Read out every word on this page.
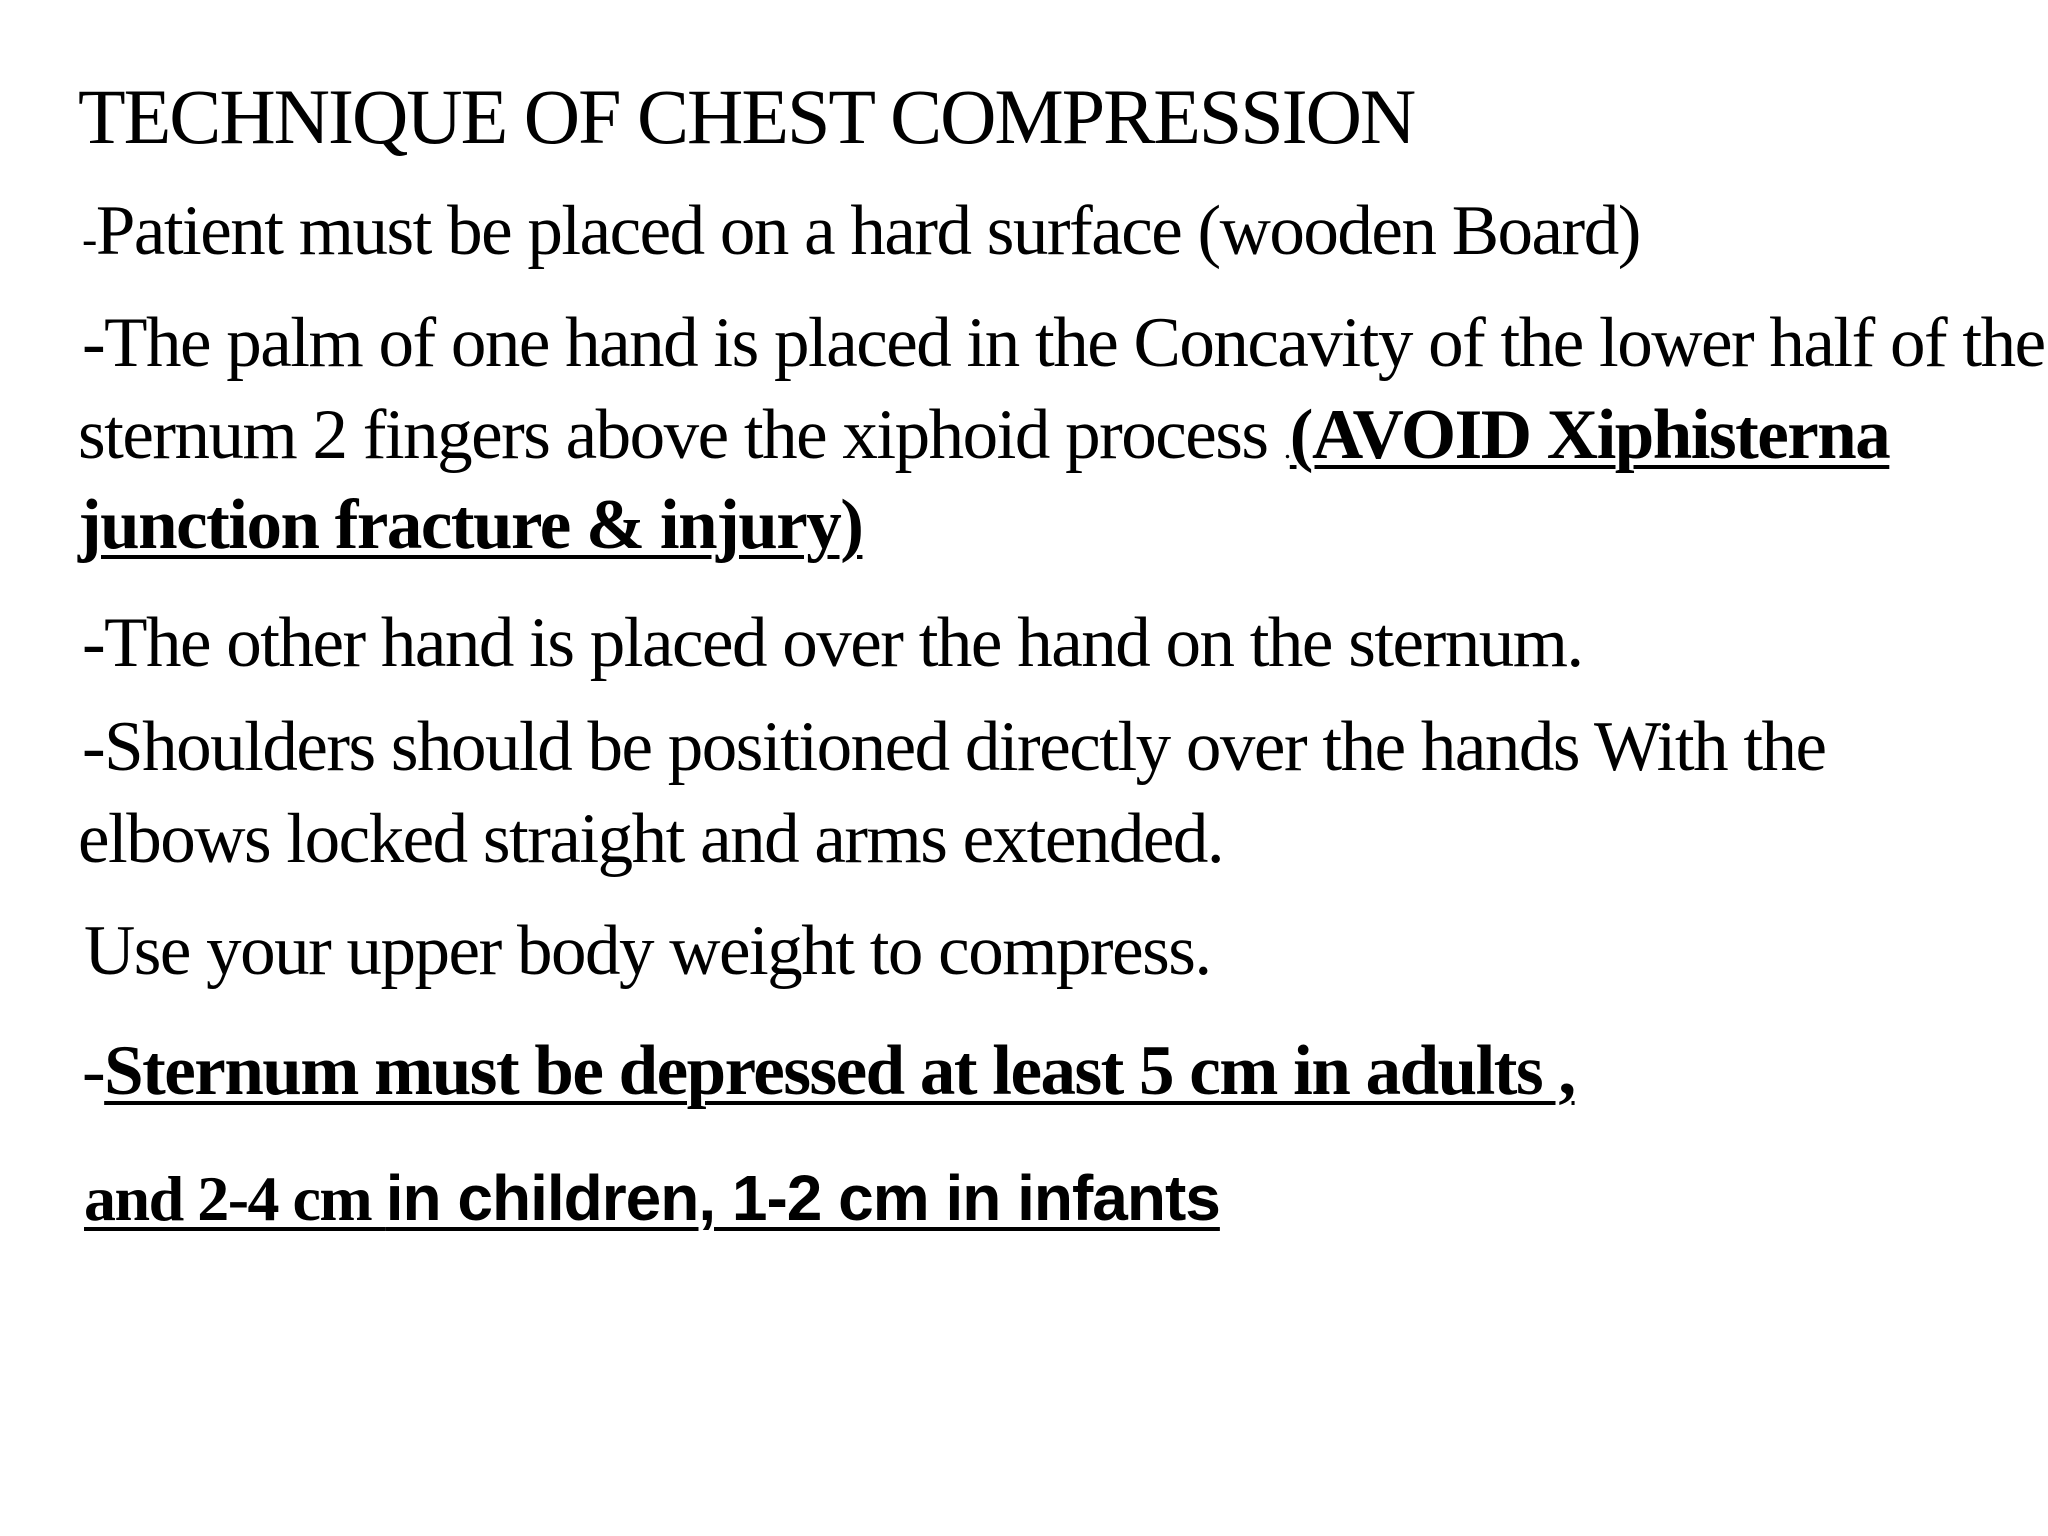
TECHNIQUE OF CHEST COMPRESSION
-Patient must be placed on a hard surface (wooden Board)
-The palm of one hand is placed in the Concavity of the lower half of the
sternum 2 fingers above the xiphoid process .(AVOID Xiphisterna
junction fracture & injury)
-The other hand is placed over the hand on the sternum.
-Shoulders should be positioned directly over the hands With the
elbows locked straight and arms extended.
Use your upper body weight to compress.
-Sternum must be depressed at least 5 cm in adults ,
and 2-4 cm in children, 1-2 cm in infants
